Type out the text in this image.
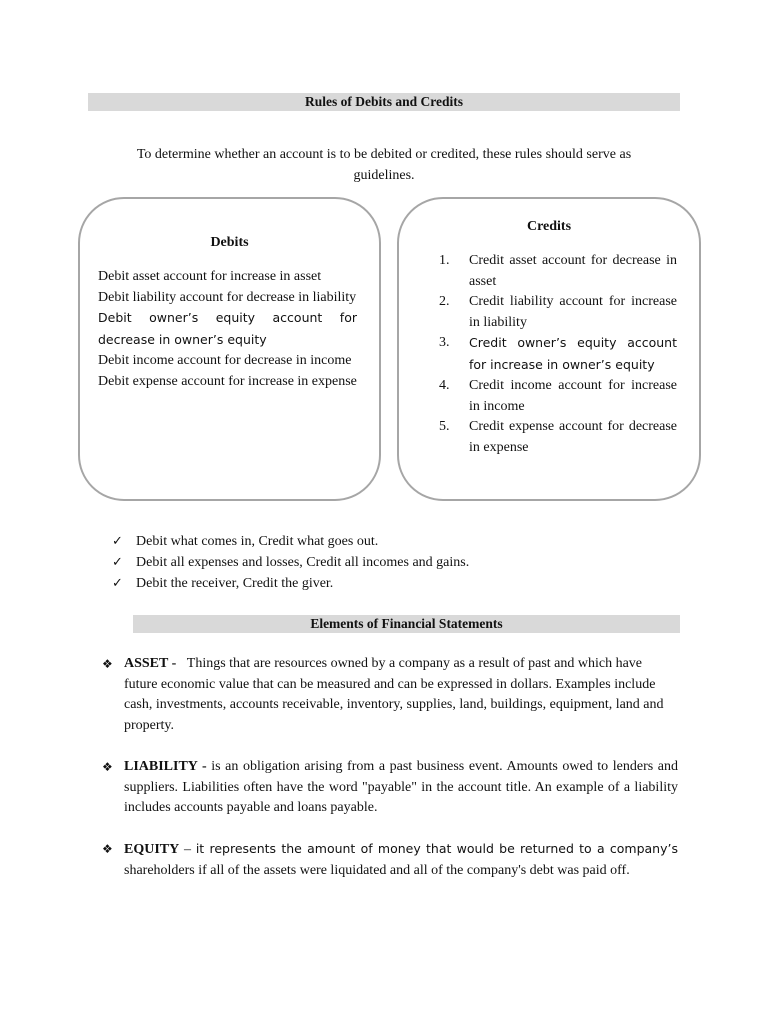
Rules of Debits and Credits

To determine whether an account is to be debited or credited, these rules should serve as guidelines.

Debits
Debit asset account for increase in asset
Debit liability account for decrease in liability
Debit owner’s equity account for decrease in owner’s equity
Debit income account for decrease in income
Debit expense account for increase in expense
Credits
1. Credit asset account for decrease in asset
2. Credit liability account for increase in liability
3. Credit owner’s equity account for increase in owner’s equity
4. Credit income account for increase in income
5. Credit expense account for decrease in expense
✓ Debit what comes in, Credit what goes out.
✓ Debit all expenses and losses, Credit all incomes and gains.
✓ Debit the receiver, Credit the giver.
Elements of Financial Statements
❖ ASSET - Things that are resources owned by a company as a result of past and which have future economic value that can be measured and can be expressed in dollars. Examples include cash, investments, accounts receivable, inventory, supplies, land, buildings, equipment, land and property.

❖ LIABILITY - is an obligation arising from a past business event. Amounts owed to lenders and suppliers. Liabilities often have the word "payable" in the account title. An example of a liability includes accounts payable and loans payable.

❖ EQUITY – it represents the amount of money that would be returned to a company’s shareholders if all of the assets were liquidated and all of the company's debt was paid off.
